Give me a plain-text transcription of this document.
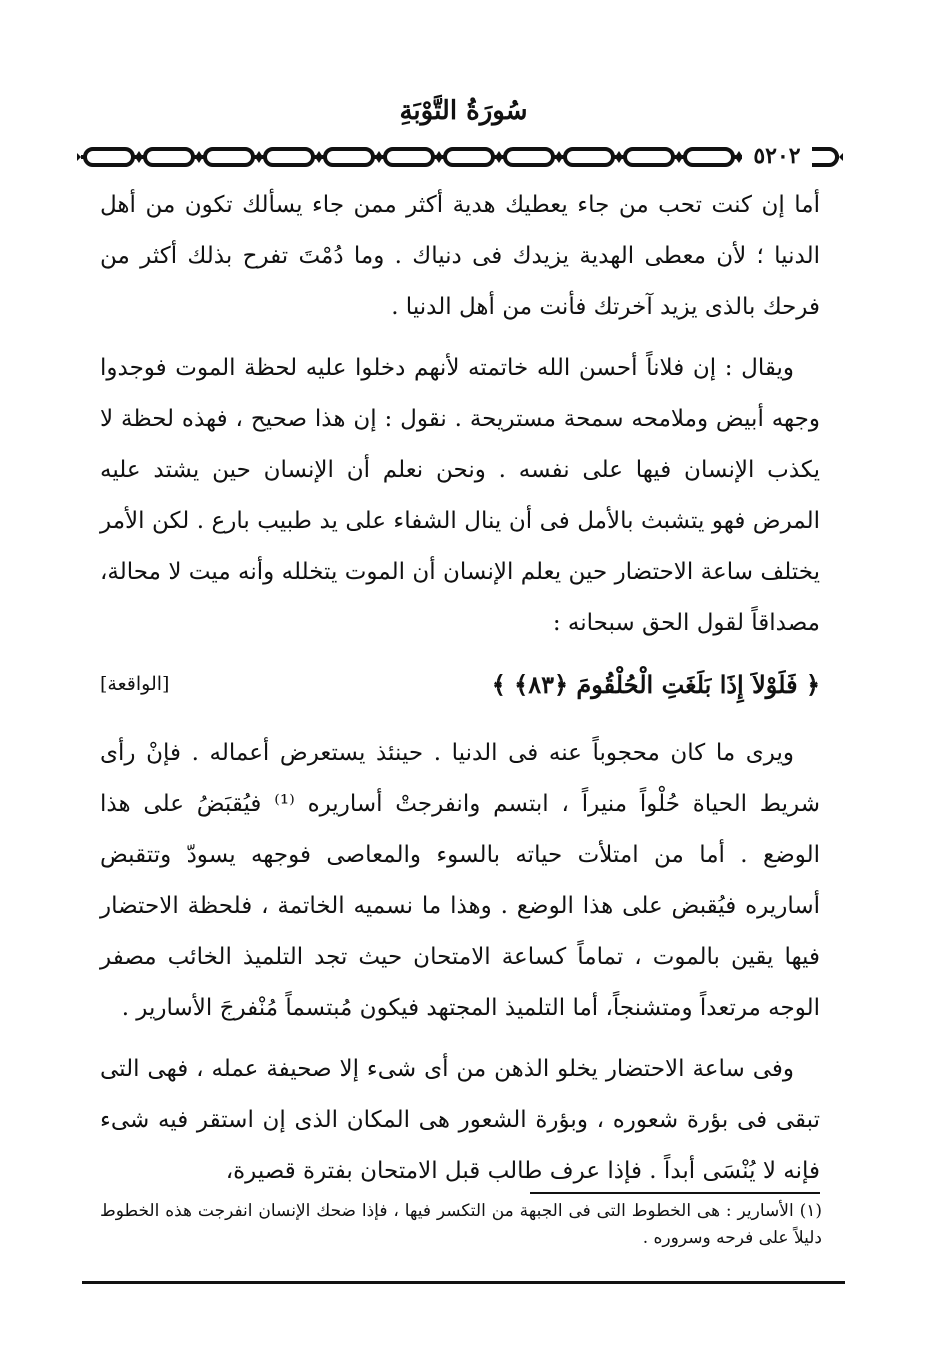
سُورَةُ التَّوْبَةِ
٥٢٠٢

أما إن كنت تحب من جاء يعطيك هدية أكثر ممن جاء يسألك تكون من أهل الدنيا ؛ لأن معطى الهدية يزيدك فى دنياك . وما دُمْتَ تفرح بذلك أكثر من فرحك بالذى يزيد آخرتك فأنت من أهل الدنيا .

ويقال : إن فلاناً أحسن الله خاتمته لأنهم دخلوا عليه لحظة الموت فوجدوا وجهه أبيض وملامحه سمحة مستريحة . نقول : إن هذا صحيح ، فهذه لحظة لا يكذب الإنسان فيها على نفسه . ونحن نعلم أن الإنسان حين يشتد عليه المرض فهو يتشبث بالأمل فى أن ينال الشفاء على يد طبيب بارع . لكن الأمر يختلف ساعة الاحتضار حين يعلم الإنسان أن الموت يتخلله وأنه ميت لا محالة، مصداقاً لقول الحق سبحانه :

﴿ فَلَوْلاَ إِذَا بَلَغَتِ الْحُلْقُومَ ﴿٨٣﴾ ﴾
[الواقعة]

ويرى ما كان محجوباً عنه فى الدنيا . حينئذ يستعرض أعماله . فإنْ رأى شريط الحياة حُلْواً منيراً ، ابتسم وانفرجتْ أساريره ⁽¹⁾ فيُقبَضُ على هذا الوضع . أما من امتلأت حياته بالسوء والمعاصى فوجهه يسودّ وتتقبض أساريره فيُقبض على هذا الوضع . وهذا ما نسميه الخاتمة ، فلحظة الاحتضار فيها يقين بالموت ، تماماً كساعة الامتحان حيث تجد التلميذ الخائب مصفر الوجه مرتعداً ومتشنجاً، أما التلميذ المجتهد فيكون مُبتسماً مُنْفرجَ الأسارير .

وفى ساعة الاحتضار يخلو الذهن من أى شىء إلا صحيفة عمله ، فهى التى تبقى فى بؤرة شعوره ، وبؤرة الشعور هى المكان الذى إن استقر فيه شىء فإنه لا يُنْسَى أبداً . فإذا عرف طالب قبل الامتحان بفترة قصيرة،

(١) الأسارير : هى الخطوط التى فى الجبهة من التكسر فيها ، فإذا ضحك الإنسان انفرجت هذه الخطوط دليلاً على فرحه وسروره .
